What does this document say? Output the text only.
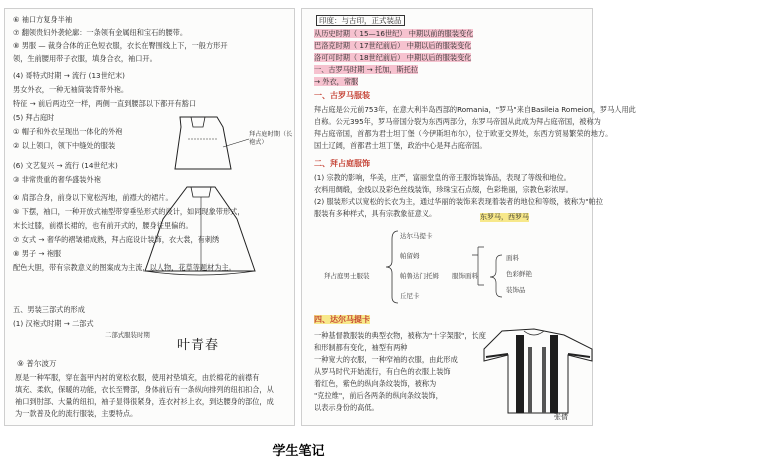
⑥ 袖口方复身半袖
⑦ 翻领贵妇外袭轮廓：一条领有金属纽和宝石的腰带。
⑧ 男服 — 裁身合体的正色短衣服，衣长在臀围线上下，一般方形开
领，生前腰用带子衣服，填身合衣，袖口开。
(4) 哥特式时期 → 流行 (13世纪末)
男女外衣，一种无袖筒装背带外袍。
特征 → 前后两边空一样，两侧一直到腰部以下都开有豁口
(5) 拜占庭时
① 帽子和外衣呈现出一体化的外袍
② 以上领口，领下中缝处的服装
(6) 文艺复兴 → 流行 (14世纪末)
③ 非常贵重的奢华盛装外袍
④ 肩部合身，前身以下宽松泻地，前襟大的裙片。
⑤ 下摆，袖口，一种开放式袖型带穿垂坠形式的设计，如同现象带形式，
末长过膝，前襟长裙的，也有前开式的，腰身往里偏的。
⑦ 女式 → 奢华的褶皱裙成熟，拜占庭设计装饰，衣大裳，有刺绣
⑧ 男子 → 袍服
配色大胆，带有宗教意义的图案成为主流，以人物，花草等题材为主。
五、男装三部式的形成
(1) 汉袍式时期 → 二部式
拜占庭时期（长袍式）
二部式服装时期
叶青春
⑨ 普尔波万
原是一种军服，穿在盔甲内衬的宽松衣服，使用衬垫填充，由於棉花的前襟有
填充、柔软，保暖的功能，衣长至臀部，身体前后有一条纵向排列的纽扣扣合，从
袖口到肘部、大量的纽扣，袖子显得很紧身，连衣衬衫上衣，到达腰身的部位，成
为一款普及化的流行服装，主要特点。
印度：与古印，正式装品
从历史时期（ 15—16世纪） 中期以前的服装变化
巴洛克时期（ 17世纪前后） 中期以后的服装变化
洛可可时期（ 18世纪前后） 中期以后的服装变化
一、古罗马时期 → 托加，斯托拉
→ 外衣，常服
一、古罗马服装
拜占庭是公元前753年，在意大利半岛西部的Romania，"罗马"来自Basileia Romeion，罗马人用此
自称。公元395年，罗马帝国分裂为东西两部分，东罗马帝国从此成为拜占庭帝国，被称为
拜占庭帝国，首都为君士坦丁堡（今伊斯坦布尔），位于欧亚交界处，东西方贸易繁荣的地方。
国土辽阔，首都君士坦丁堡，政治中心是拜占庭帝国。
二、拜占庭服饰
(1) 宗教的影响，华美，庄严，富丽堂皇的帝王服饰装饰品，表现了等级和地位。
衣料用绸缎，金线以及彩色丝线装饰，珍珠宝石点缀，色彩艳丽，宗教色彩浓厚。
(2) 服装形式以宽松的长衣为主，通过华丽的装饰来表现着装者的地位和等级，被称为"帕拉
服装有多种样式，具有宗教象征意义。	东罗马，西罗马
拜占庭男士服装
达尔马提卡
帕留姆
帕鲁达门托姆
丘尼卡
服饰面料
面料
色彩鲜艳
装饰品
四、达尔马提卡
一种基督教服装的典型衣物，被称为"十字架服"，长度
和形制都有变化，袖型有两种
一种宽大的衣服，一种窄袖的衣服，由此形成
从罗马时代开始流行，有白色的衣服上装饰
着红色，紫色的纵向条纹装饰，被称为
"克拉维"，前后各两条的纵向条纹装饰，
以表示身份的高低。
张倩
学生笔记
